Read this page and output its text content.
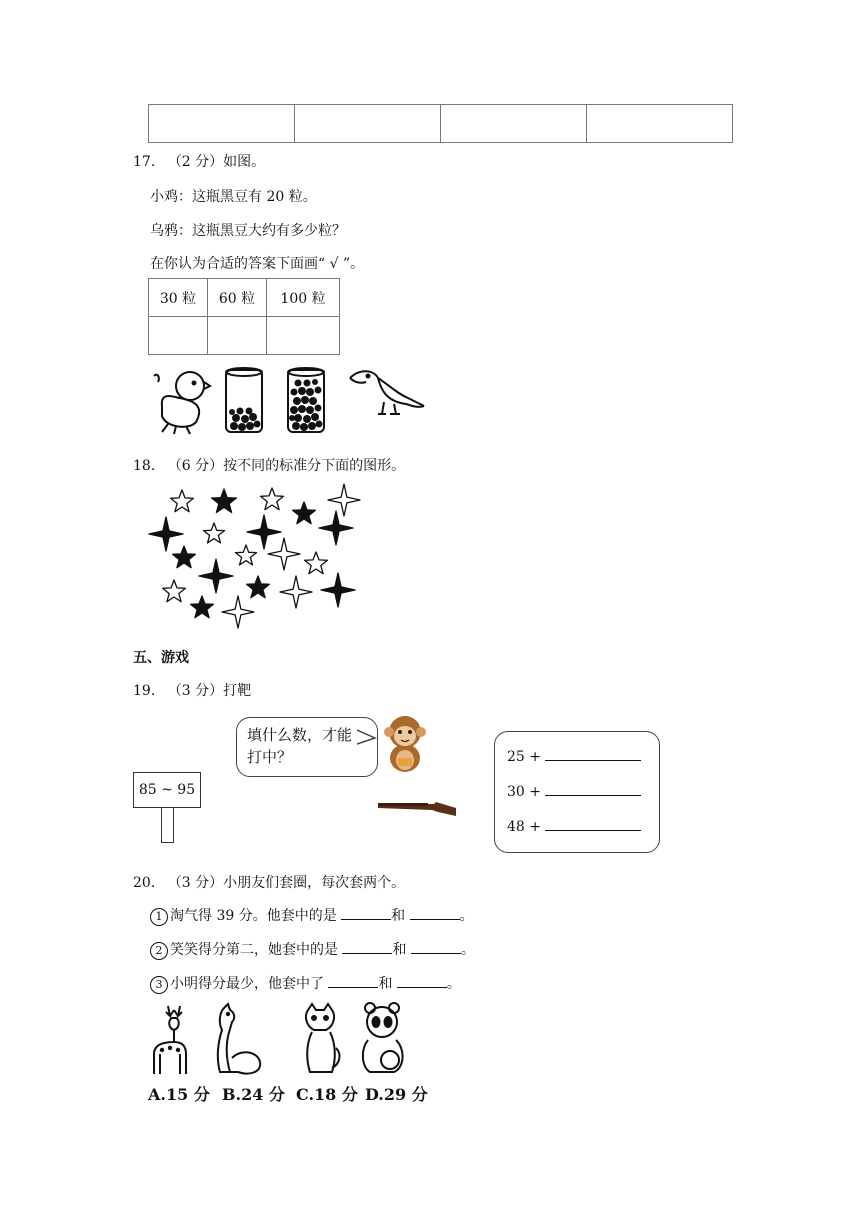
17. （2 分）如图。
小鸡：这瓶黑豆有 20 粒。
乌鸦：这瓶黑豆大约有多少粒？
在你认为合适的答案下面画“ √ ”。
30 粒	60 粒	100 粒

18. （6 分）按不同的标准分下面的图形。
五、游戏
19. （3 分）打靶
填什么数，才能
打中？
85 ~ 95
25 +
30 +
48 +
20. （3 分）小朋友们套圈，每次套两个。
1 淘气得 39 分。他套中的是	和	。
2 笑笑得分第二，她套中的是	和	。
3 小明得分最少，他套中了	和	。
A.15 分 B.24 分 C.18 分 D.29 分
